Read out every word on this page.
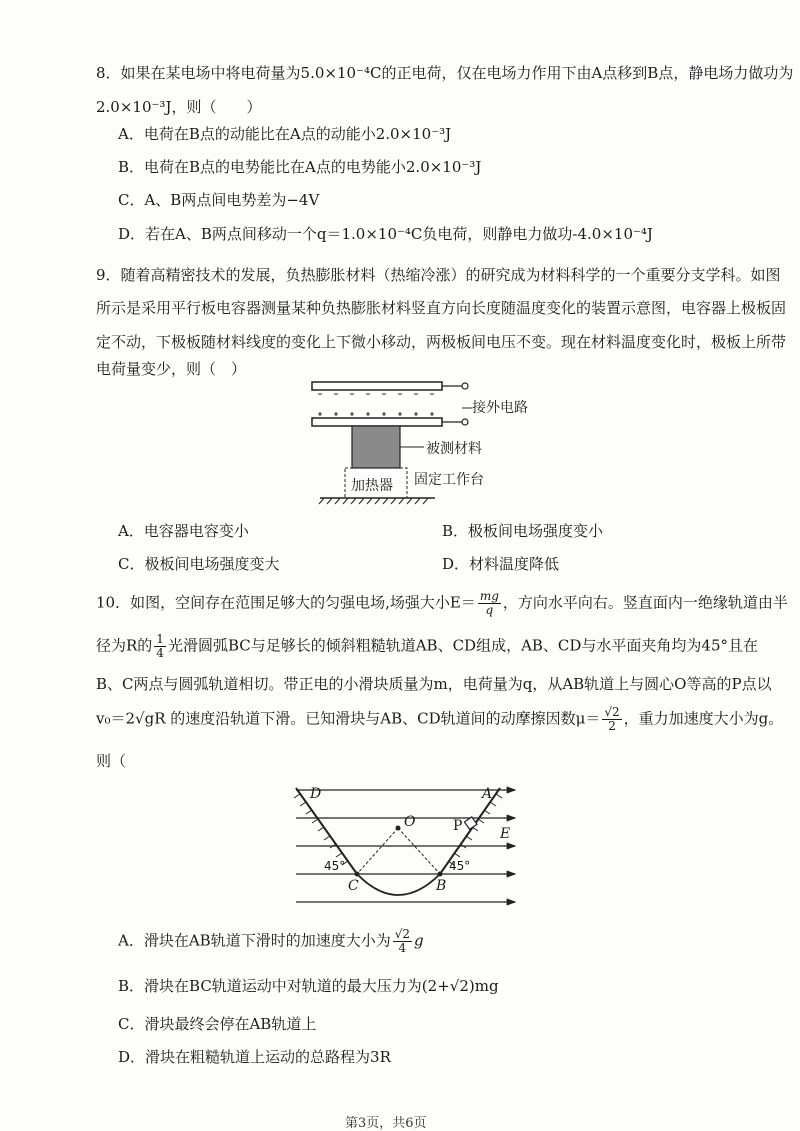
8．如果在某电场中将电荷量为5.0×10⁻⁴C的正电荷，仅在电场力作用下由A点移到B点，静电场力做功为
2.0×10⁻³J，则（　　）
A．电荷在B点的动能比在A点的动能小2.0×10⁻³J
B．电荷在B点的电势能比在A点的电势能小2.0×10⁻³J
C．A、B两点间电势差为−4V
D．若在A、B两点间移动一个q＝1.0×10⁻⁴C负电荷，则静电力做功-4.0×10⁻⁴J
9．随着高精密技术的发展，负热膨胀材料（热缩冷涨）的研究成为材料科学的一个重要分支学科。如图
所示是采用平行板电容器测量某种负热膨胀材料竖直方向长度随温度变化的装置示意图，电容器上极板固
定不动，下极板随材料线度的变化上下微小移动，两极板间电压不变。现在材料温度变化时，极板上所带
电荷量变少，则（　）
接外电路
被测材料
加热器 固定工作台
A．电容器电容变小	B．极板间电场强度变小
C．极板间电场强度变大	D．材料温度降低
10．如图，空间存在范围足够大的匀强电场,场强大小$E= \frac{mg}{q}$ ，方向水平向右。竖直面内一绝缘轨道由半
径为R的 $\frac{1}{4}$ 光滑圆弧BC与足够长的倾斜粗糙轨道AB、CD组成，AB、CD与水平面夹角均为45°且在
B、C两点与圆弧轨道相切。带正电的小滑块质量为m，电荷量为q，从AB轨道上与圆心O等高的P点以
v₀＝2√gR 的速度沿轨道下滑。已知滑块与AB、CD轨道间的动摩擦因数$\mu= \frac{√2}{2}$ ，重力加速度大小为g。
则（
D	A
O	P	E
C	B
45°	45°
A．滑块在AB轨道下滑时的加速度大小为 $\frac{√2}{4}$ g
B．滑块在BC轨道运动中对轨道的最大压力为(2+√2)mg
C．滑块最终会停在AB轨道上
D．滑块在粗糙轨道上运动的总路程为3R
第3页，共6页
